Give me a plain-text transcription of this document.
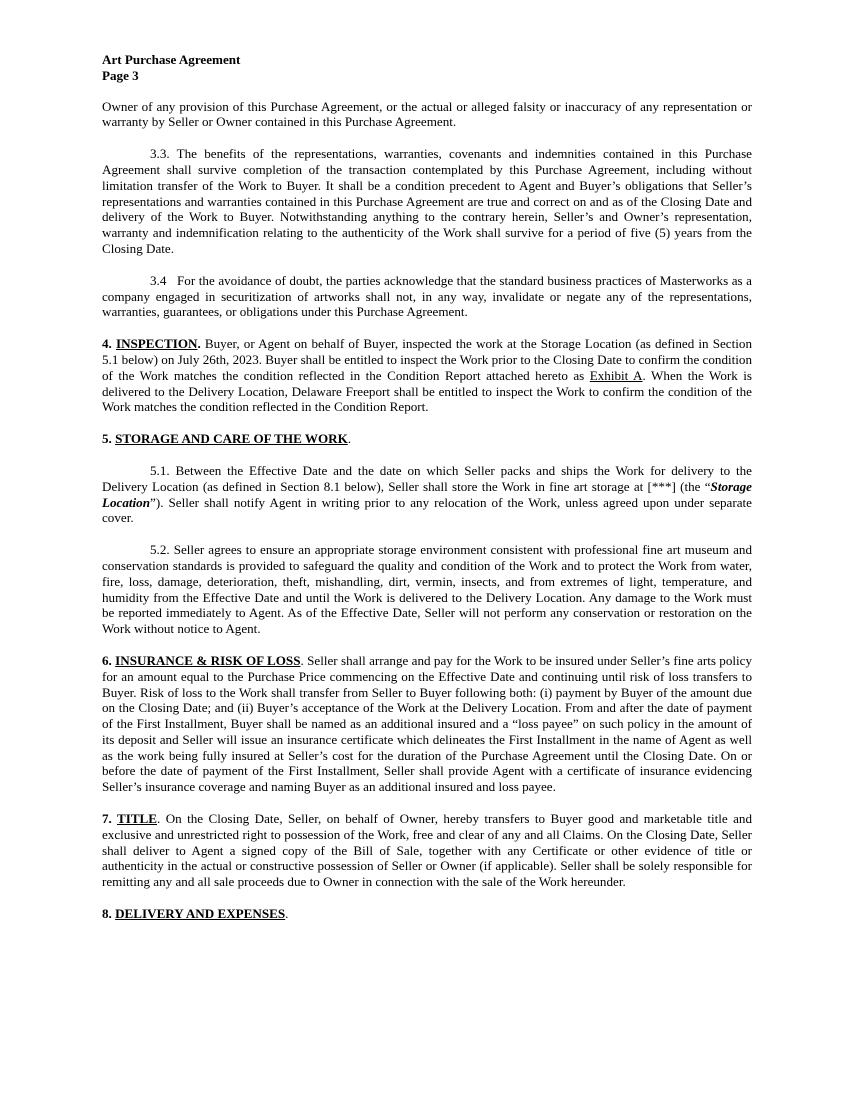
Art Purchase Agreement
Page 3

Owner of any provision of this Purchase Agreement, or the actual or alleged falsity or inaccuracy of any representation or warranty by Seller or Owner contained in this Purchase Agreement.

3.3. The benefits of the representations, warranties, covenants and indemnities contained in this Purchase Agreement shall survive completion of the transaction contemplated by this Purchase Agreement, including without limitation transfer of the Work to Buyer. It shall be a condition precedent to Agent and Buyer’s obligations that Seller’s representations and warranties contained in this Purchase Agreement are true and correct on and as of the Closing Date and delivery of the Work to Buyer. Notwithstanding anything to the contrary herein, Seller’s and Owner’s representation, warranty and indemnification relating to the authenticity of the Work shall survive for a period of five (5) years from the Closing Date.

3.4   For the avoidance of doubt, the parties acknowledge that the standard business practices of Masterworks as a company engaged in securitization of artworks shall not, in any way, invalidate or negate any of the representations, warranties, guarantees, or obligations under this Purchase Agreement.

4. INSPECTION. Buyer, or Agent on behalf of Buyer, inspected the work at the Storage Location (as defined in Section 5.1 below) on July 26th, 2023. Buyer shall be entitled to inspect the Work prior to the Closing Date to confirm the condition of the Work matches the condition reflected in the Condition Report attached hereto as Exhibit A. When the Work is delivered to the Delivery Location, Delaware Freeport shall be entitled to inspect the Work to confirm the condition of the Work matches the condition reflected in the Condition Report.

5. STORAGE AND CARE OF THE WORK.

5.1. Between the Effective Date and the date on which Seller packs and ships the Work for delivery to the Delivery Location (as defined in Section 8.1 below), Seller shall store the Work in fine art storage at [***] (the “Storage Location”). Seller shall notify Agent in writing prior to any relocation of the Work, unless agreed upon under separate cover.

5.2. Seller agrees to ensure an appropriate storage environment consistent with professional fine art museum and conservation standards is provided to safeguard the quality and condition of the Work and to protect the Work from water, fire, loss, damage, deterioration, theft, mishandling, dirt, vermin, insects, and from extremes of light, temperature, and humidity from the Effective Date and until the Work is delivered to the Delivery Location. Any damage to the Work must be reported immediately to Agent. As of the Effective Date, Seller will not perform any conservation or restoration on the Work without notice to Agent.

6. INSURANCE & RISK OF LOSS. Seller shall arrange and pay for the Work to be insured under Seller’s fine arts policy for an amount equal to the Purchase Price commencing on the Effective Date and continuing until risk of loss transfers to Buyer. Risk of loss to the Work shall transfer from Seller to Buyer following both: (i) payment by Buyer of the amount due on the Closing Date; and (ii) Buyer’s acceptance of the Work at the Delivery Location. From and after the date of payment of the First Installment, Buyer shall be named as an additional insured and a “loss payee” on such policy in the amount of its deposit and Seller will issue an insurance certificate which delineates the First Installment in the name of Agent as well as the work being fully insured at Seller’s cost for the duration of the Purchase Agreement until the Closing Date. On or before the date of payment of the First Installment, Seller shall provide Agent with a certificate of insurance evidencing Seller’s insurance coverage and naming Buyer as an additional insured and loss payee.

7. TITLE. On the Closing Date, Seller, on behalf of Owner, hereby transfers to Buyer good and marketable title and exclusive and unrestricted right to possession of the Work, free and clear of any and all Claims. On the Closing Date, Seller shall deliver to Agent a signed copy of the Bill of Sale, together with any Certificate or other evidence of title or authenticity in the actual or constructive possession of Seller or Owner (if applicable). Seller shall be solely responsible for remitting any and all sale proceeds due to Owner in connection with the sale of the Work hereunder.

8. DELIVERY AND EXPENSES.
